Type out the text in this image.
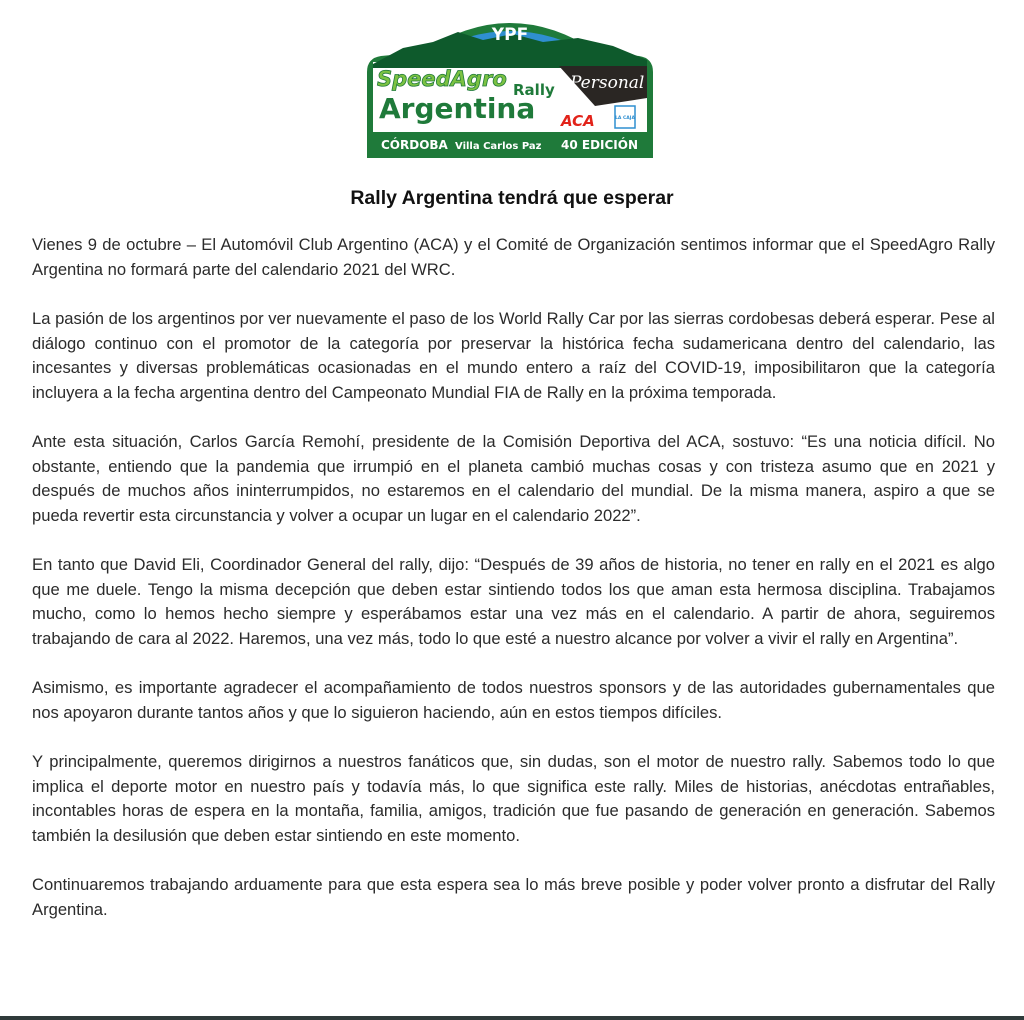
YPF
SpeedAgro Rally
Argentina
Personal
ACA	LA CAJA
CÓRDOBA Villa Carlos Paz 40 EDICIÓN
Rally Argentina tendrá que esperar

Vienes 9 de octubre – El Automóvil Club Argentino (ACA) y el Comité de Organización sentimos informar que el SpeedAgro Rally Argentina no formará parte del calendario 2021 del WRC.

La pasión de los argentinos por ver nuevamente el paso de los World Rally Car por las sierras cordobesas deberá esperar. Pese al diálogo continuo con el promotor de la categoría por preservar la histórica fecha sudamericana dentro del calendario, las incesantes y diversas problemáticas ocasionadas en el mundo entero a raíz del COVID-19, imposibilitaron que la categoría incluyera a la fecha argentina dentro del Campeonato Mundial FIA de Rally en la próxima temporada.

Ante esta situación, Carlos García Remohí, presidente de la Comisión Deportiva del ACA, sostuvo: “Es una noticia difícil. No obstante, entiendo que la pandemia que irrumpió en el planeta cambió muchas cosas y con tristeza asumo que en 2021 y después de muchos años ininterrumpidos, no estaremos en el calendario del mundial. De la misma manera, aspiro a que se pueda revertir esta circunstancia y volver a ocupar un lugar en el calendario 2022”.

En tanto que David Eli, Coordinador General del rally, dijo: “Después de 39 años de historia, no tener en rally en el 2021 es algo que me duele. Tengo la misma decepción que deben estar sintiendo todos los que aman esta hermosa disciplina. Trabajamos mucho, como lo hemos hecho siempre y esperábamos estar una vez más en el calendario. A partir de ahora, seguiremos trabajando de cara al 2022. Haremos, una vez más, todo lo que esté a nuestro alcance por volver a vivir el rally en Argentina”.

Asimismo, es importante agradecer el acompañamiento de todos nuestros sponsors y de las autoridades gubernamentales que nos apoyaron durante tantos años y que lo siguieron haciendo, aún en estos tiempos difíciles.

Y principalmente, queremos dirigirnos a nuestros fanáticos que, sin dudas, son el motor de nuestro rally. Sabemos todo lo que implica el deporte motor en nuestro país y todavía más, lo que significa este rally. Miles de historias, anécdotas entrañables, incontables horas de espera en la montaña, familia, amigos, tradición que fue pasando de generación en generación. Sabemos también la desilusión que deben estar sintiendo en este momento.

Continuaremos trabajando arduamente para que esta espera sea lo más breve posible y poder volver pronto a disfrutar del Rally Argentina.
